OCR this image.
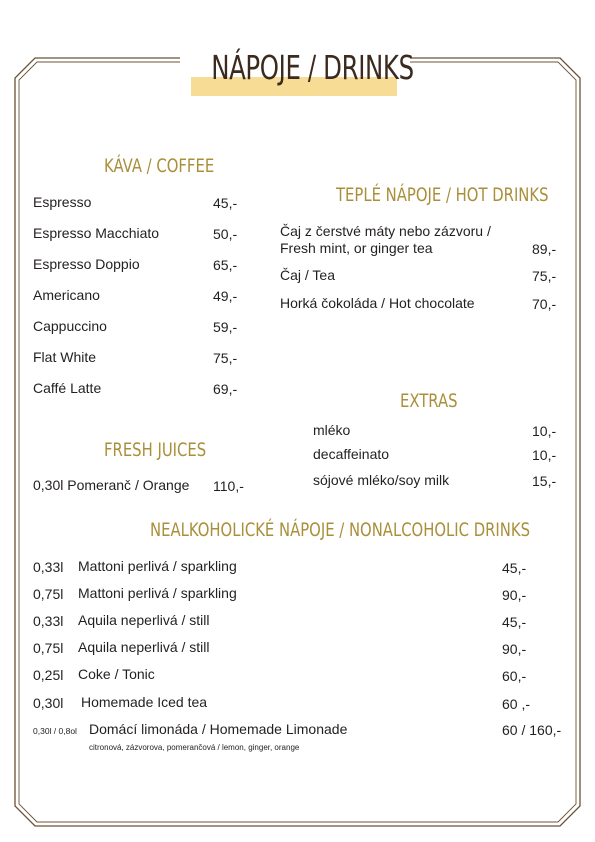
NÁPOJE / DRINKS
KÁVA / COFFEE
Espresso	45,-
Espresso Macchiato	50,-
Espresso Doppio	65,-
Americano	49,-
Cappuccino	59,-
Flat White	75,-
Caffé Latte	69,-
TEPLÉ NÁPOJE / HOT DRINKS
Čaj z čerstvé máty nebo zázvoru /
Fresh mint, or ginger tea	89,-
Čaj / Tea	75,-
Horká čokoláda / Hot chocolate	70,-
EXTRAS
mléko	10,-
decaffeinato	10,-
sójové mléko/soy milk	15,-
FRESH JUICES
0,30l Pomeranč / Orange 110,-
NEALKOHOLICKÉ NÁPOJE / NONALCOHOLIC DRINKS
0,33l Mattoni perlivá / sparkling	45,-
0,75l Mattoni perlivá / sparkling	90,-
0,33l Aquila neperlivá / still	45,-
0,75l Aquila neperlivá / still	90,-
0,25l Coke / Tonic	60,-
0,30l Homemade Iced tea	60 ,-
0,30l / 0,8ol Domácí limonáda / Homemade Limonade	60 / 160,-
citronová, zázvorova, pomerančová / lemon, ginger, orange
